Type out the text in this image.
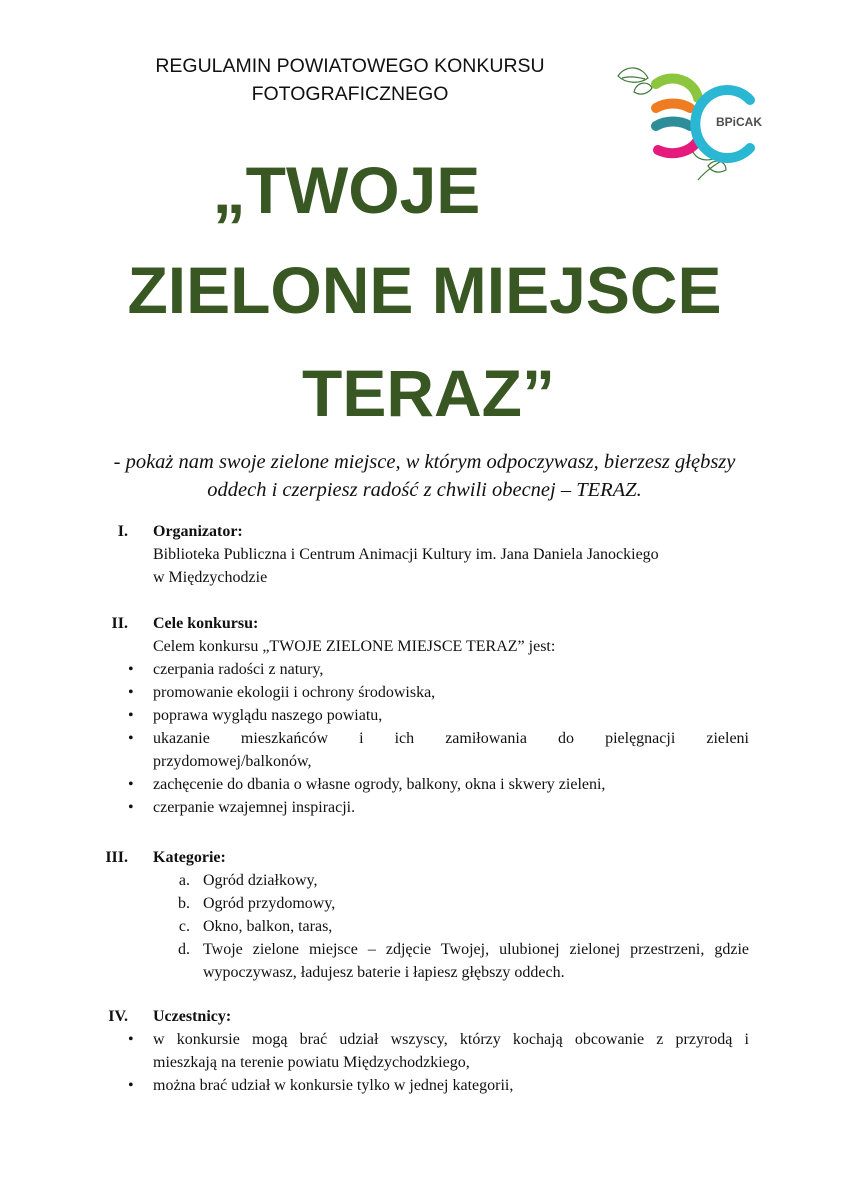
REGULAMIN POWIATOWEGO KONKURSU
FOTOGRAFICZNEGO
BPiCAK
„TWOJE
ZIELONE MIEJSCE
TERAZ”
- pokaż nam swoje zielone miejsce, w którym odpoczywasz, bierzesz głębszy
oddech i czerpiesz radość z chwili obecnej – TERAZ.
I. Organizator:
Biblioteka Publiczna i Centrum Animacji Kultury im. Jana Daniela Janockiego
w Międzychodzie
II. Cele konkursu:
Celem konkursu „TWOJE ZIELONE MIEJSCE TERAZ” jest:
• czerpania radości z natury,
• promowanie ekologii i ochrony środowiska,
• poprawa wyglądu naszego powiatu,
• ukazanie mieszkańców i ich zamiłowania do pielęgnacji zieleni
przydomowej/balkonów,
• zachęcenie do dbania o własne ogrody, balkony, okna i skwery zieleni,
• czerpanie wzajemnej inspiracji.
III. Kategorie:
a. Ogród działkowy,
b. Ogród przydomowy,
c. Okno, balkon, taras,
d. Twoje zielone miejsce – zdjęcie Twojej, ulubionej zielonej przestrzeni, gdzie
wypoczywasz, ładujesz baterie i łapiesz głębszy oddech.
IV. Uczestnicy:
• w konkursie mogą brać udział wszyscy, którzy kochają obcowanie z przyrodą i
mieszkają na terenie powiatu Międzychodzkiego,
• można brać udział w konkursie tylko w jednej kategorii,
